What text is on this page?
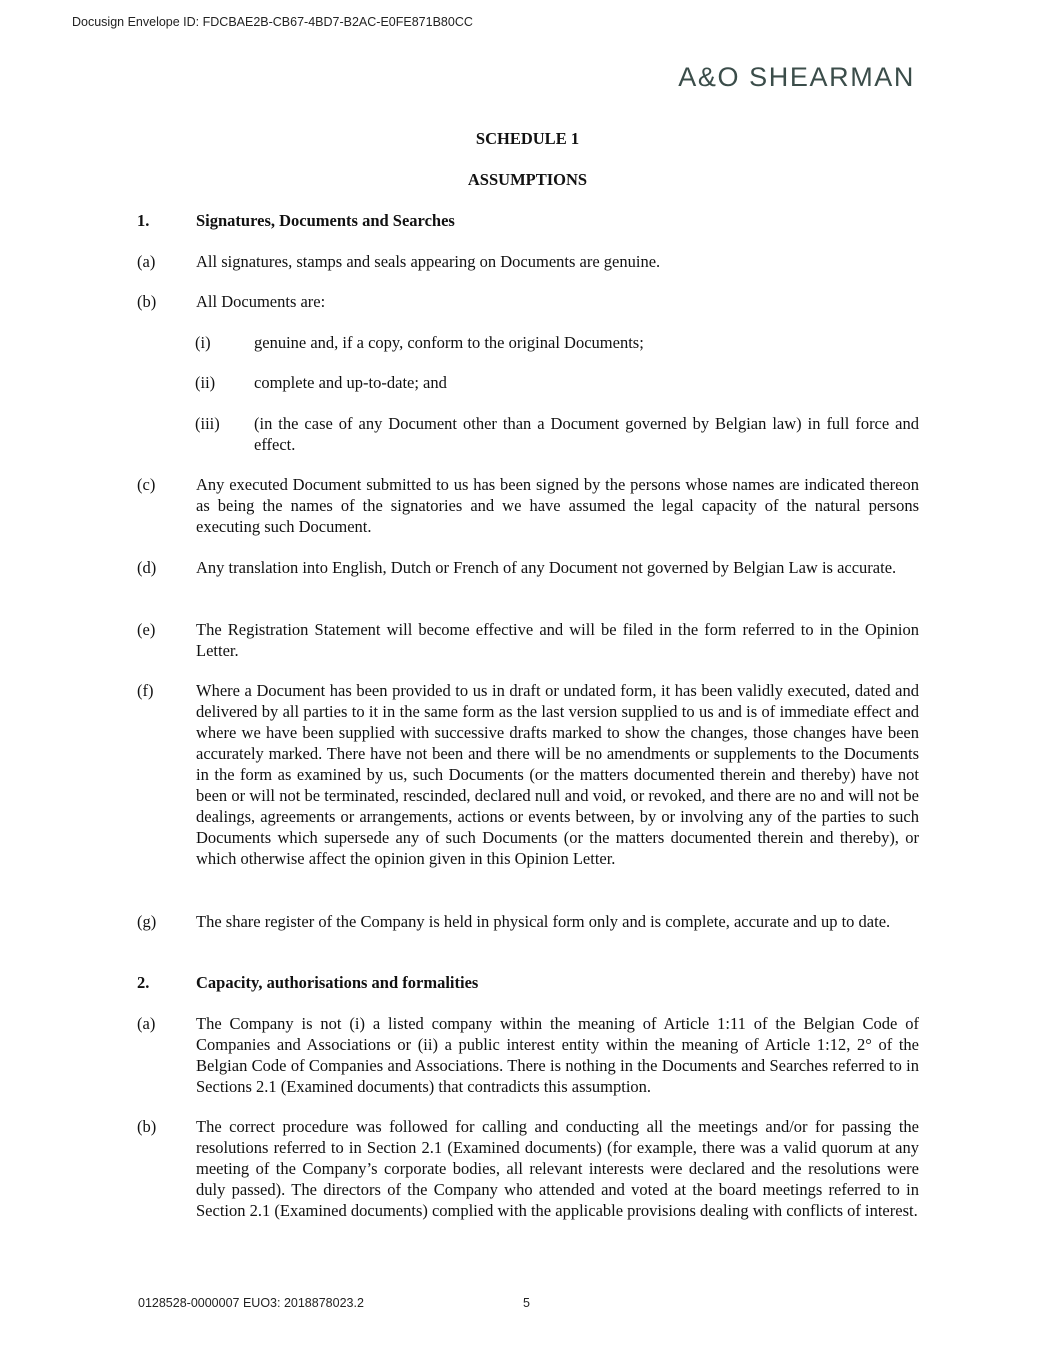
Docusign Envelope ID: FDCBAE2B-CB67-4BD7-B2AC-E0FE871B80CC
A&O SHEARMAN
SCHEDULE 1
ASSUMPTIONS
1.	Signatures, Documents and Searches
(a) All signatures, stamps and seals appearing on Documents are genuine.
(b) All Documents are:
(i)	genuine and, if a copy, conform to the original Documents;
(ii) complete and up-to-date; and
(iii) (in the case of any Document other than a Document governed by Belgian law) in full force and effect.
(c) Any executed Document submitted to us has been signed by the persons whose names are indicated thereon as being the names of the signatories and we have assumed the legal capacity of the natural persons executing such Document.
(d) Any translation into English, Dutch or French of any Document not governed by Belgian Law is accurate.
(e) The Registration Statement will become effective and will be filed in the form referred to in the Opinion Letter.
(f)	Where a Document has been provided to us in draft or undated form, it has been validly executed, dated and delivered by all parties to it in the same form as the last version supplied to us and is of immediate effect and where we have been supplied with successive drafts marked to show the changes, those changes have been accurately marked. There have not been and there will be no amendments or supplements to the Documents in the form as examined by us, such Documents (or the matters documented therein and thereby) have not been or will not be terminated, rescinded, declared null and void, or revoked, and there are no and will not be dealings, agreements or arrangements, actions or events between, by or involving any of the parties to such Documents which supersede any of such Documents (or the matters documented therein and thereby), or which otherwise affect the opinion given in this Opinion Letter.
(g) The share register of the Company is held in physical form only and is complete, accurate and up to date.
2.	Capacity, authorisations and formalities
(a) The Company is not (i) a listed company within the meaning of Article 1:11 of the Belgian Code of Companies and Associations or (ii) a public interest entity within the meaning of Article 1:12, 2° of the Belgian Code of Companies and Associations. There is nothing in the Documents and Searches referred to in Sections 2.1 (Examined documents) that contradicts this assumption.
(b) The correct procedure was followed for calling and conducting all the meetings and/or for passing the resolutions referred to in Section 2.1 (Examined documents) (for example, there was a valid quorum at any meeting of the Company’s corporate bodies, all relevant interests were declared and the resolutions were duly passed). The directors of the Company who attended and voted at the board meetings referred to in Section 2.1 (Examined documents) complied with the applicable provisions dealing with conflicts of interest.
0128528-0000007 EUO3: 2018878023.2	5
